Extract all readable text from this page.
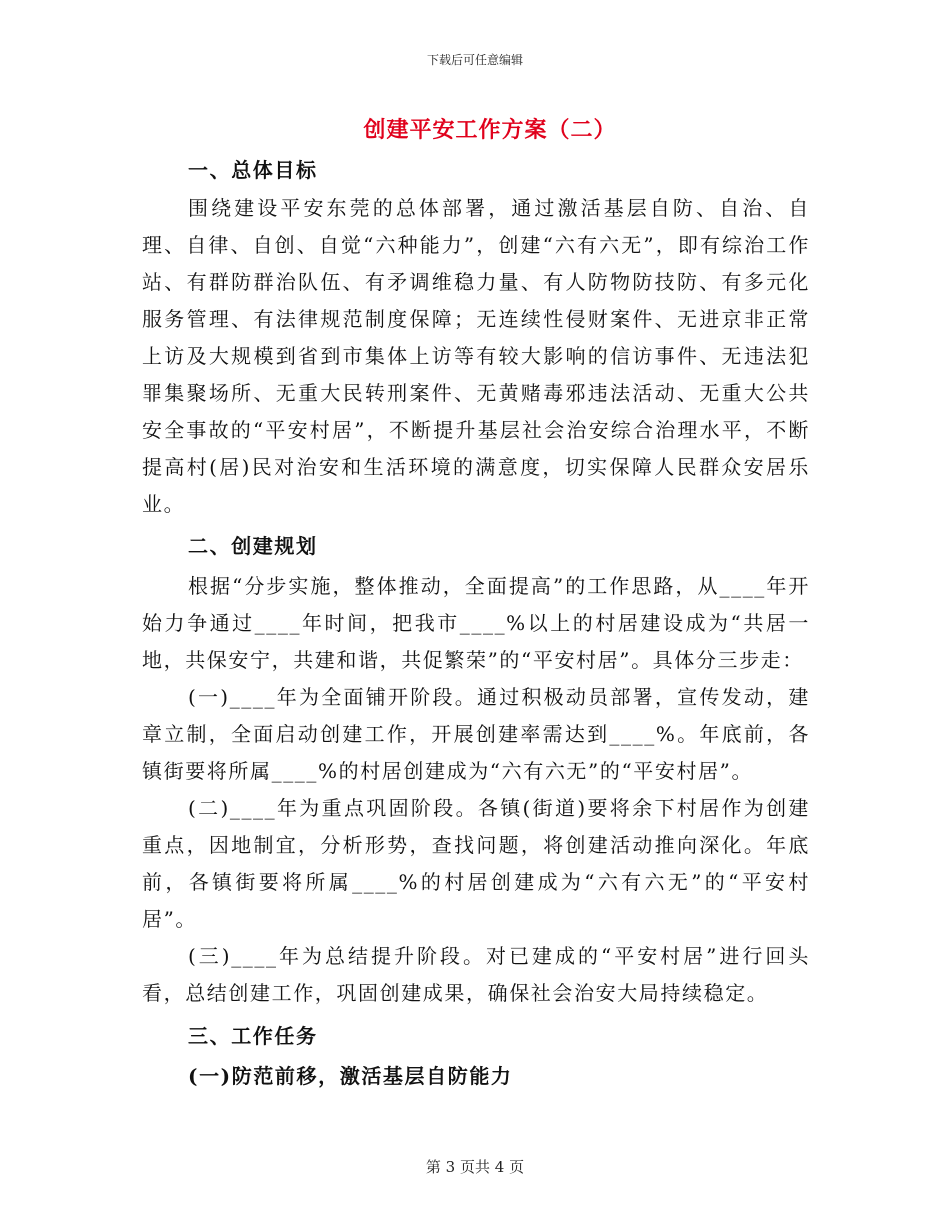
下载后可任意编辑
创建平安工作方案（二）

一、总体目标

围绕建设平安东莞的总体部署，通过激活基层自防、自治、自理、自律、自创、自觉“六种能力”，创建“六有六无”，即有综治工作站、有群防群治队伍、有矛调维稳力量、有人防物防技防、有多元化服务管理、有法律规范制度保障；无连续性侵财案件、无进京非正常上访及大规模到省到市集体上访等有较大影响的信访事件、无违法犯罪集聚场所、无重大民转刑案件、无黄赌毒邪违法活动、无重大公共安全事故的“平安村居”，不断提升基层社会治安综合治理水平，不断提高村(居)民对治安和生活环境的满意度，切实保障人民群众安居乐业。

二、创建规划

根据“分步实施，整体推动，全面提高”的工作思路，从____年开始力争通过____年时间，把我市____%以上的村居建设成为“共居一地，共保安宁，共建和谐，共促繁荣”的“平安村居”。具体分三步走：

(一)____年为全面铺开阶段。通过积极动员部署，宣传发动，建章立制，全面启动创建工作，开展创建率需达到____%。年底前，各镇街要将所属____%的村居创建成为“六有六无”的“平安村居”。

(二)____年为重点巩固阶段。各镇(街道)要将余下村居作为创建重点，因地制宜，分析形势，查找问题，将创建活动推向深化。年底前，各镇街要将所属____%的村居创建成为“六有六无”的“平安村居”。

(三)____年为总结提升阶段。对已建成的“平安村居”进行回头看，总结创建工作，巩固创建成果，确保社会治安大局持续稳定。

三、工作任务

(一)防范前移，激活基层自防能力

第 3 页共 4 页
